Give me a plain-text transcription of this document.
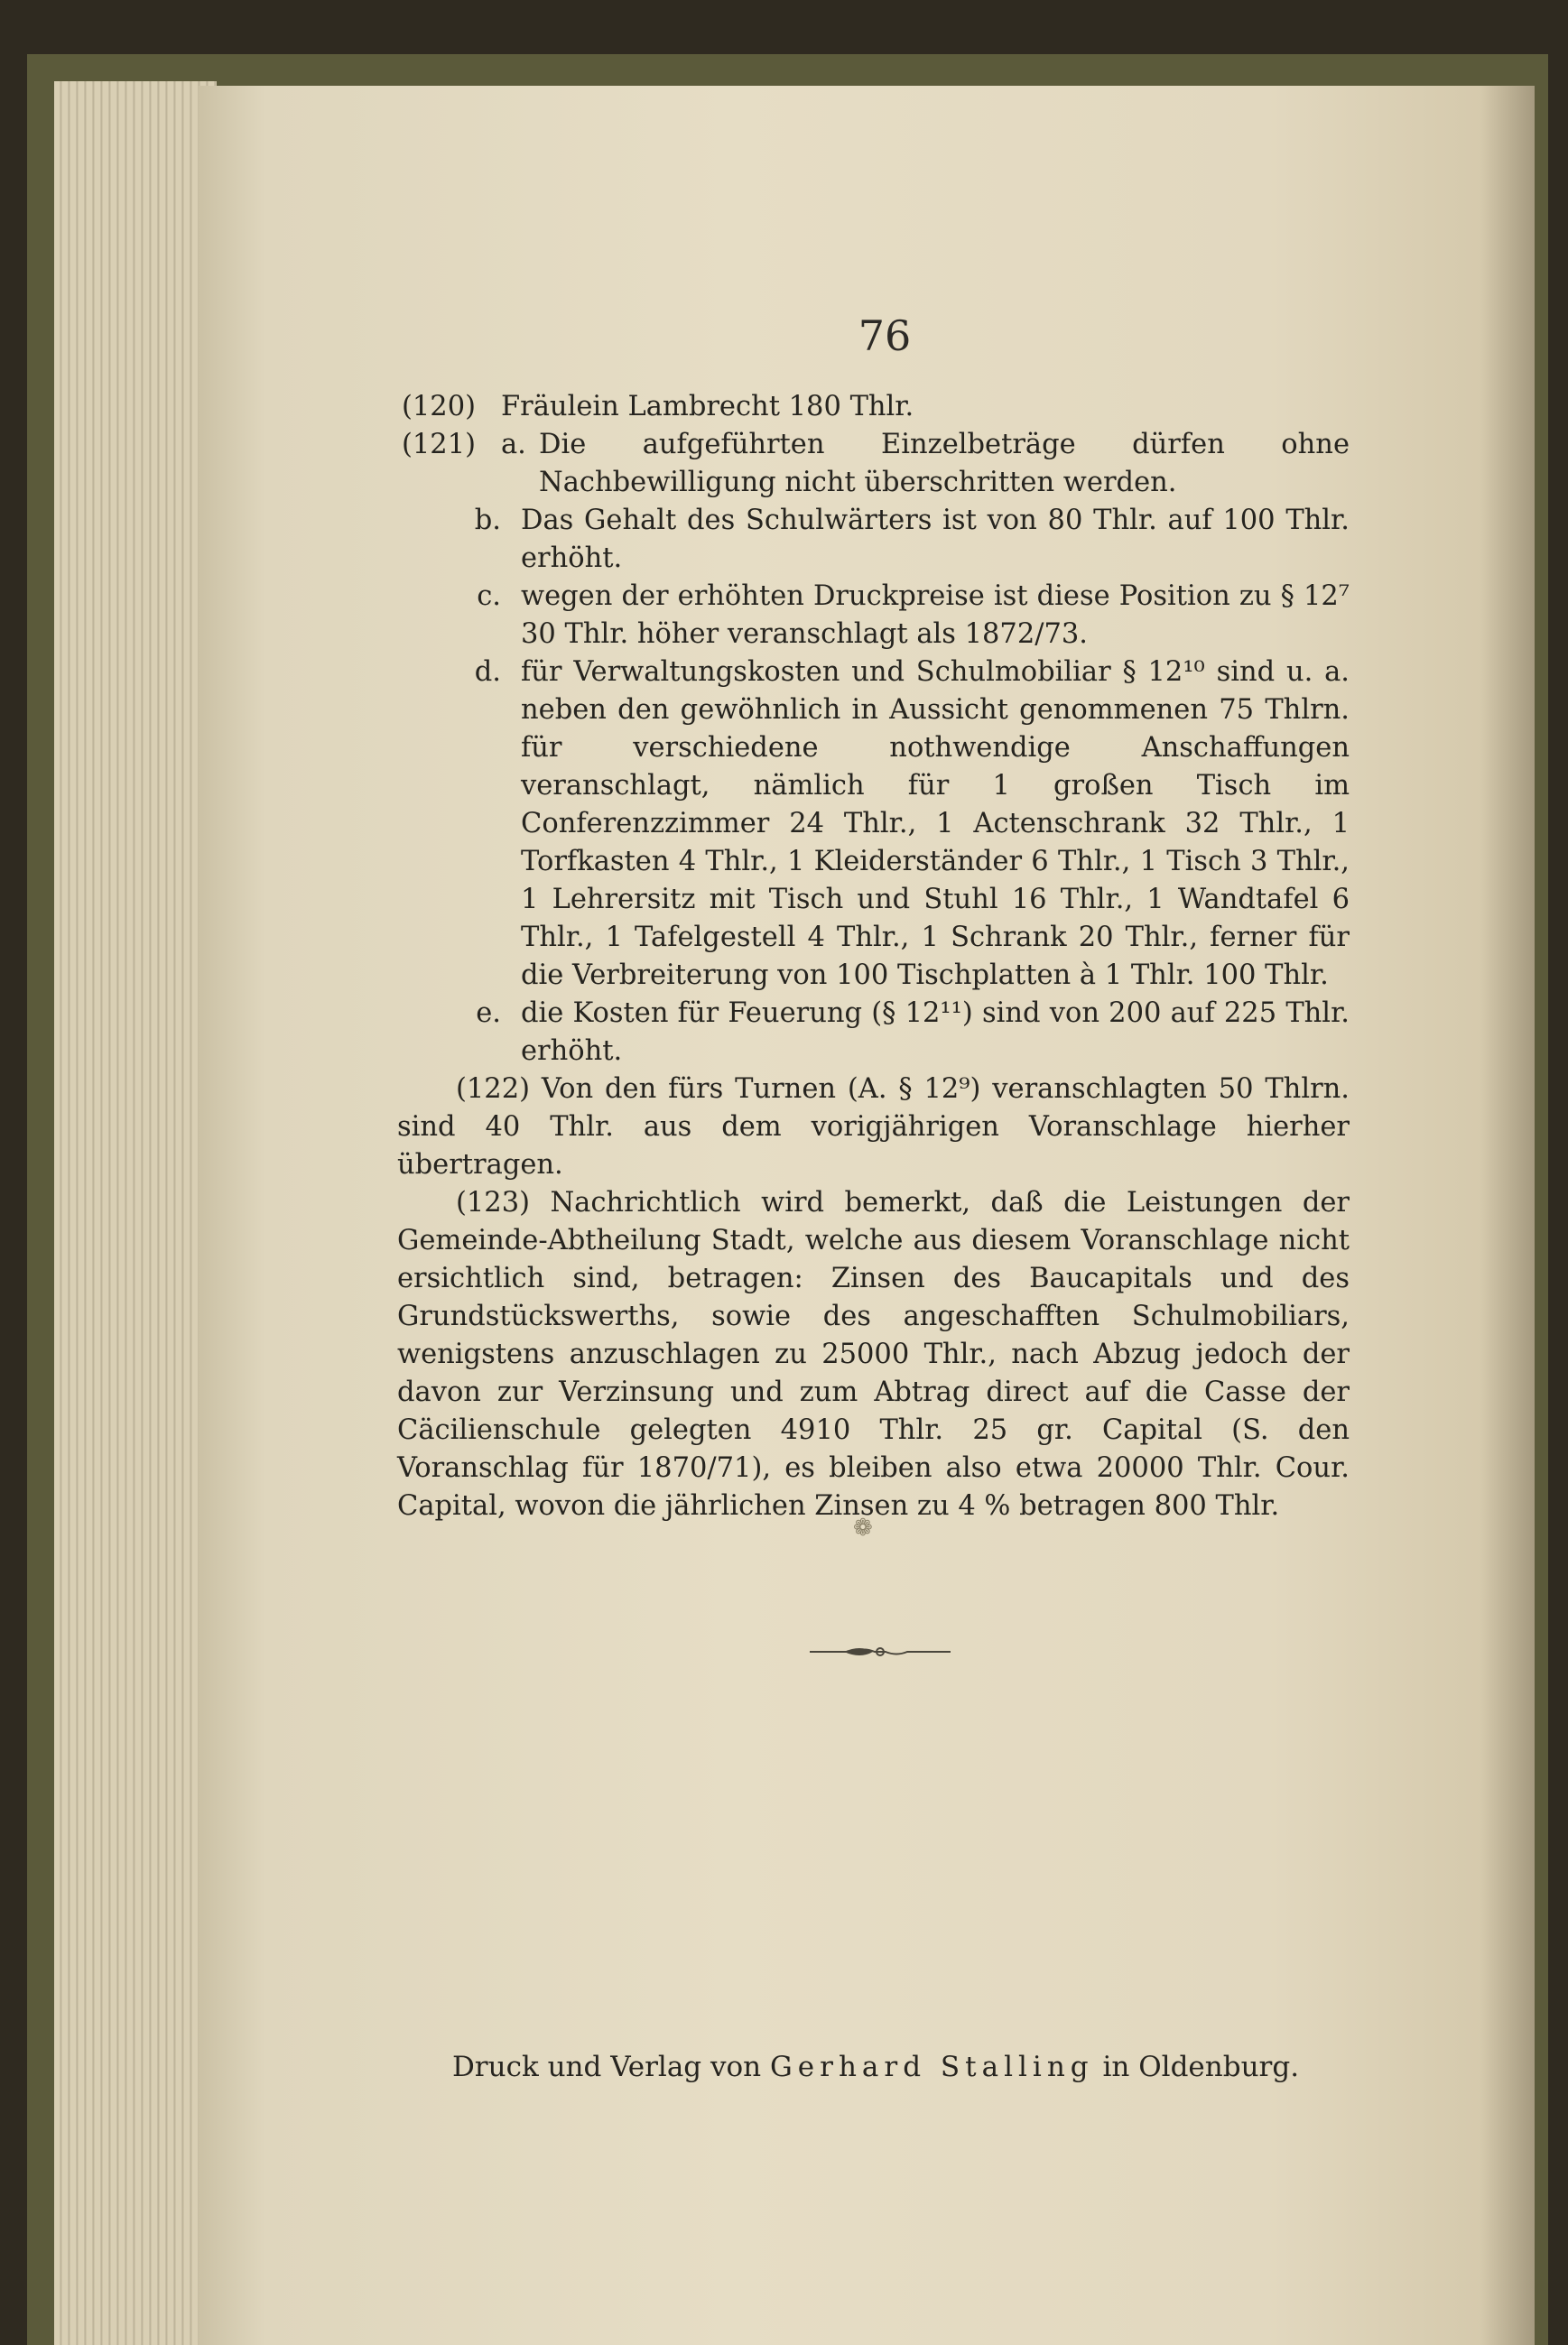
76
(120) Fräulein Lambrecht 180 Thlr.
(121) a. Die aufgeführten Einzelbeträge dürfen ohne Nachbewilligung nicht überschritten werden.
b. Das Gehalt des Schulwärters ist von 80 Thlr. auf 100 Thlr. erhöht.
c. wegen der erhöhten Druckpreise ist diese Position zu § 12⁷ 30 Thlr. höher veranschlagt als 1872/73.
d. für Verwaltungskosten und Schulmobiliar § 12¹⁰ sind u. a. neben den gewöhnlich in Aussicht genommenen 75 Thlrn. für verschiedene nothwendige Anschaffungen veranschlagt, nämlich für 1 großen Tisch im Conferenzzimmer 24 Thlr., 1 Actenschrank 32 Thlr., 1 Torfkasten 4 Thlr., 1 Kleiderständer 6 Thlr., 1 Tisch 3 Thlr., 1 Lehrersitz mit Tisch und Stuhl 16 Thlr., 1 Wandtafel 6 Thlr., 1 Tafelgestell 4 Thlr., 1 Schrank 20 Thlr., ferner für die Verbreiterung von 100 Tischplatten à 1 Thlr. 100 Thlr.
e. die Kosten für Feuerung (§ 12¹¹) sind von 200 auf 225 Thlr. erhöht.

(122) Von den fürs Turnen (A. § 12⁹) veranschlagten 50 Thlrn. sind 40 Thlr. aus dem vorigjährigen Voranschlage hierher übertragen.

(123) Nachrichtlich wird bemerkt, daß die Leistungen der Gemeinde-Abtheilung Stadt, welche aus diesem Voranschlage nicht ersichtlich sind, betragen: Zinsen des Baucapitals und des Grundstückswerths, sowie des angeschafften Schulmobiliars, wenigstens anzuschlagen zu 25000 Thlr., nach Abzug jedoch der davon zur Verzinsung und zum Abtrag direct auf die Casse der Cäcilienschule gelegten 4910 Thlr. 25 gr. Capital (S. den Voranschlag für 1870/71), es bleiben also etwa 20000 Thlr. Cour. Capital, wovon die jährlichen Zinsen zu 4 % betragen 800 Thlr.

❁
Druck und Verlag von Gerhard Stalling in Oldenburg.
